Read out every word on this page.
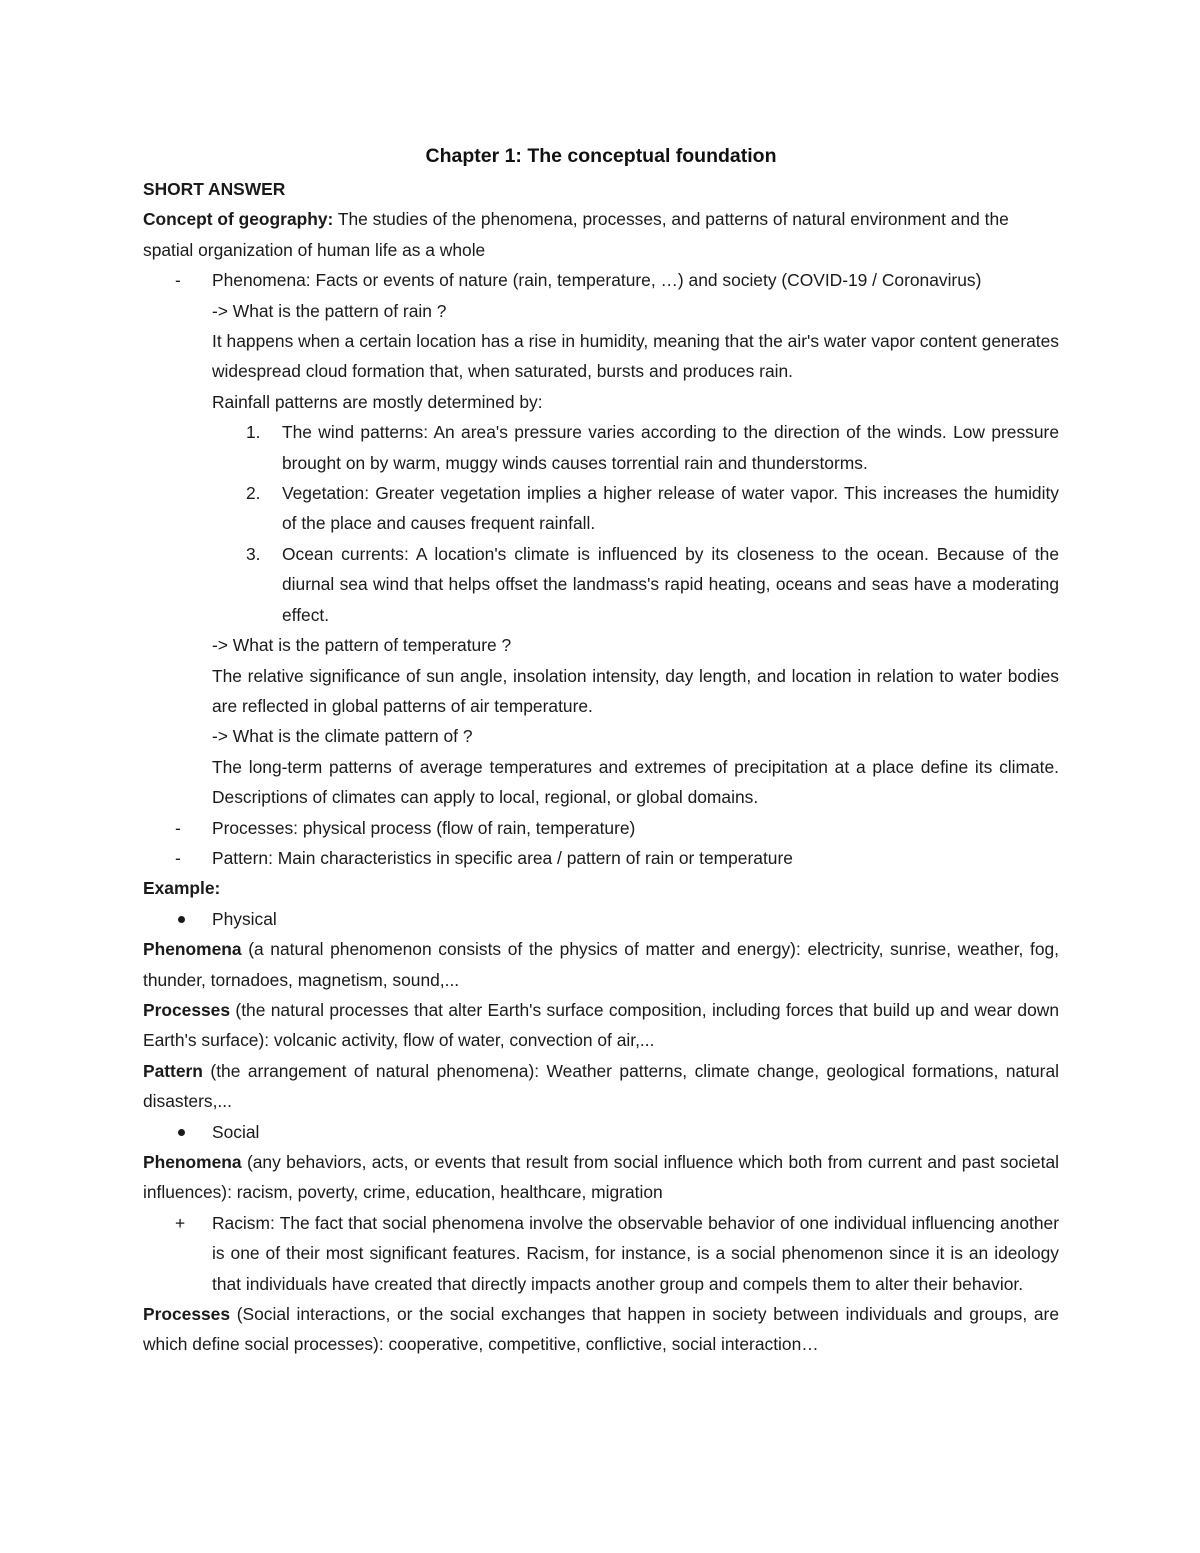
Chapter 1: The conceptual foundation

SHORT ANSWER

Concept of geography: The studies of the phenomena, processes, and patterns of natural environment and the spatial organization of human life as a whole

- Phenomena: Facts or events of nature (rain, temperature, …) and society (COVID-19 / Coronavirus)

-> What is the pattern of rain ?

It happens when a certain location has a rise in humidity, meaning that the air's water vapor content generates widespread cloud formation that, when saturated, bursts and produces rain.

Rainfall patterns are mostly determined by:

1. The wind patterns: An area's pressure varies according to the direction of the winds. Low pressure brought on by warm, muggy winds causes torrential rain and thunderstorms.
2. Vegetation: Greater vegetation implies a higher release of water vapor. This increases the humidity of the place and causes frequent rainfall.
3. Ocean currents: A location's climate is influenced by its closeness to the ocean. Because of the diurnal sea wind that helps offset the landmass's rapid heating, oceans and seas have a moderating effect.

-> What is the pattern of temperature ?

The relative significance of sun angle, insolation intensity, day length, and location in relation to water bodies are reflected in global patterns of air temperature.

-> What is the climate pattern of ?

The long-term patterns of average temperatures and extremes of precipitation at a place define its climate. Descriptions of climates can apply to local, regional, or global domains.

- Processes: physical process (flow of rain, temperature)
- Pattern: Main characteristics in specific area / pattern of rain or temperature

Example:

Physical

Phenomena (a natural phenomenon consists of the physics of matter and energy): electricity, sunrise, weather, fog, thunder, tornadoes, magnetism, sound,...

Processes (the natural processes that alter Earth's surface composition, including forces that build up and wear down Earth's surface): volcanic activity, flow of water, convection of air,...

Pattern (the arrangement of natural phenomena): Weather patterns, climate change, geological formations, natural disasters,...

Social

Phenomena (any behaviors, acts, or events that result from social influence which both from current and past societal influences): racism, poverty, crime, education, healthcare, migration

+ Racism: The fact that social phenomena involve the observable behavior of one individual influencing another is one of their most significant features. Racism, for instance, is a social phenomenon since it is an ideology that individuals have created that directly impacts another group and compels them to alter their behavior.

Processes (Social interactions, or the social exchanges that happen in society between individuals and groups, are which define social processes): cooperative, competitive, conflictive, social interaction…
